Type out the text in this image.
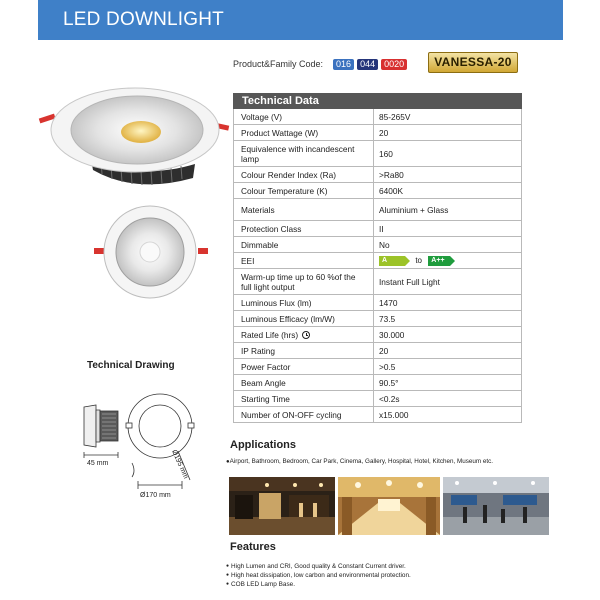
LED DOWNLIGHT
Product&Family Code:	016	044	0020	VANESSA-20
Technical Data	
Voltage (V)	85-265V
Product Wattage (W)	20
Equivalence with incandescent lamp	160
Colour Render Index (Ra)	>Ra80
Colour Temperature (K)	6400K
Materials	Aluminium + Glass
Protection Class	II
Dimmable	No
EEI	A to A++
Warm-up time up to 60 %of the full light output	Instant Full Light
Luminous Flux (lm)	1470
Luminous Efficacy (lm/W)	73.5
Rated Life (hrs)	30.000
IP Rating	20
Power Factor	>0.5
Beam Angle	90.5°
Starting Time	<0.2s
Number of ON-OFF cycling	x15.000
Technical Drawing
45 mm	Ø195 mm
Ø170 mm
Applications
●Airport, Bathroom, Bedroom, Car Park, Cinema, Gallery, Hospital, Hotel, Kitchen, Museum etc.
Features
● High Lumen and CRI, Good quality & Constant Current driver.
● High heat dissipation, low carbon and environmental protection.
● COB LED Lamp Base.
